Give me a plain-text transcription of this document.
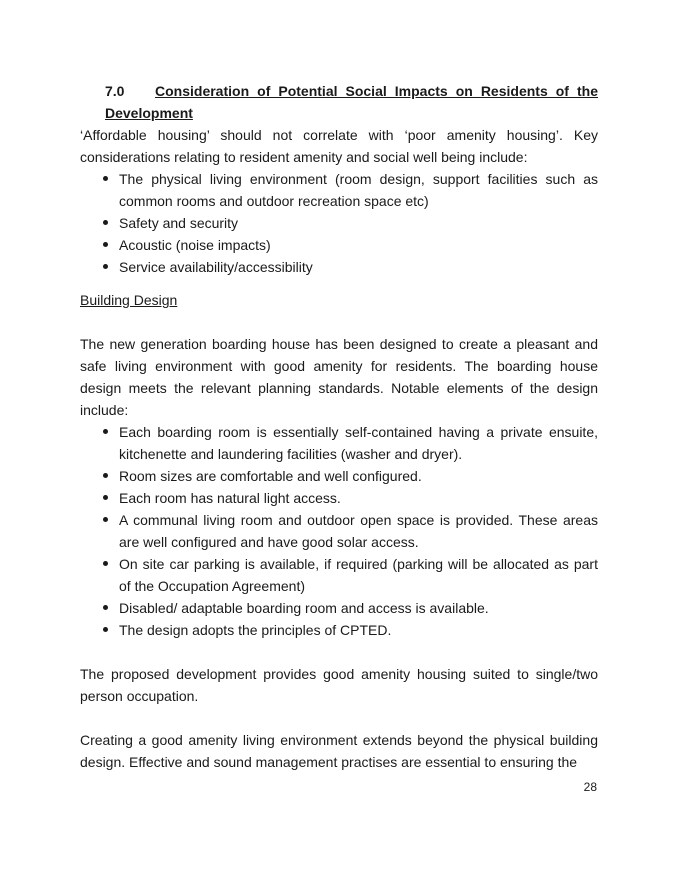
7.0	Consideration of Potential Social Impacts on Residents of the
Development

‘Affordable housing’ should not correlate with ‘poor amenity housing’. Key considerations relating to resident amenity and social well being include:

The physical living environment (room design, support facilities such as common rooms and outdoor recreation space etc)
Safety and security
Acoustic (noise impacts)
Service availability/accessibility
Building Design

The new generation boarding house has been designed to create a pleasant and safe living environment with good amenity for residents. The boarding house design meets the relevant planning standards. Notable elements of the design include:

Each boarding room is essentially self-contained having a private ensuite, kitchenette and laundering facilities (washer and dryer).
Room sizes are comfortable and well configured.
Each room has natural light access.
A communal living room and outdoor open space is provided. These areas are well configured and have good solar access.
On site car parking is available, if required (parking will be allocated as part of the Occupation Agreement)
Disabled/ adaptable boarding room and access is available.
The design adopts the principles of CPTED.

The proposed development provides good amenity housing suited to single/two person occupation.

Creating a good amenity living environment extends beyond the physical building design. Effective and sound management practises are essential to ensuring the

28
